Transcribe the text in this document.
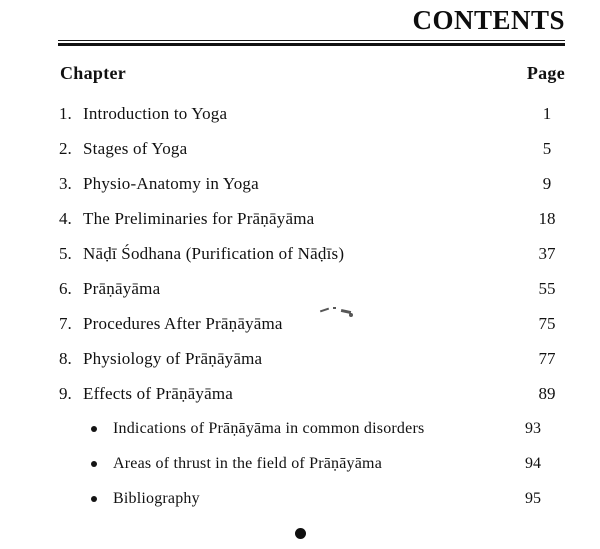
CONTENTS
Chapter	Page
1. Introduction to Yoga	1
2. Stages of Yoga	5
3. Physio-Anatomy in Yoga	9
4. The Preliminaries for Prāṇāyāma	18
5. Nāḍī Śodhana (Purification of Nāḍīs)	37
6. Prāṇāyāma	55
7. Procedures After Prāṇāyāma	75
8. Physiology of Prāṇāyāma	77
9. Effects of Prāṇāyāma	89
Indications of Prāṇāyāma in common disorders	93
Areas of thrust in the field of Prāṇāyāma	94
Bibliography	95
